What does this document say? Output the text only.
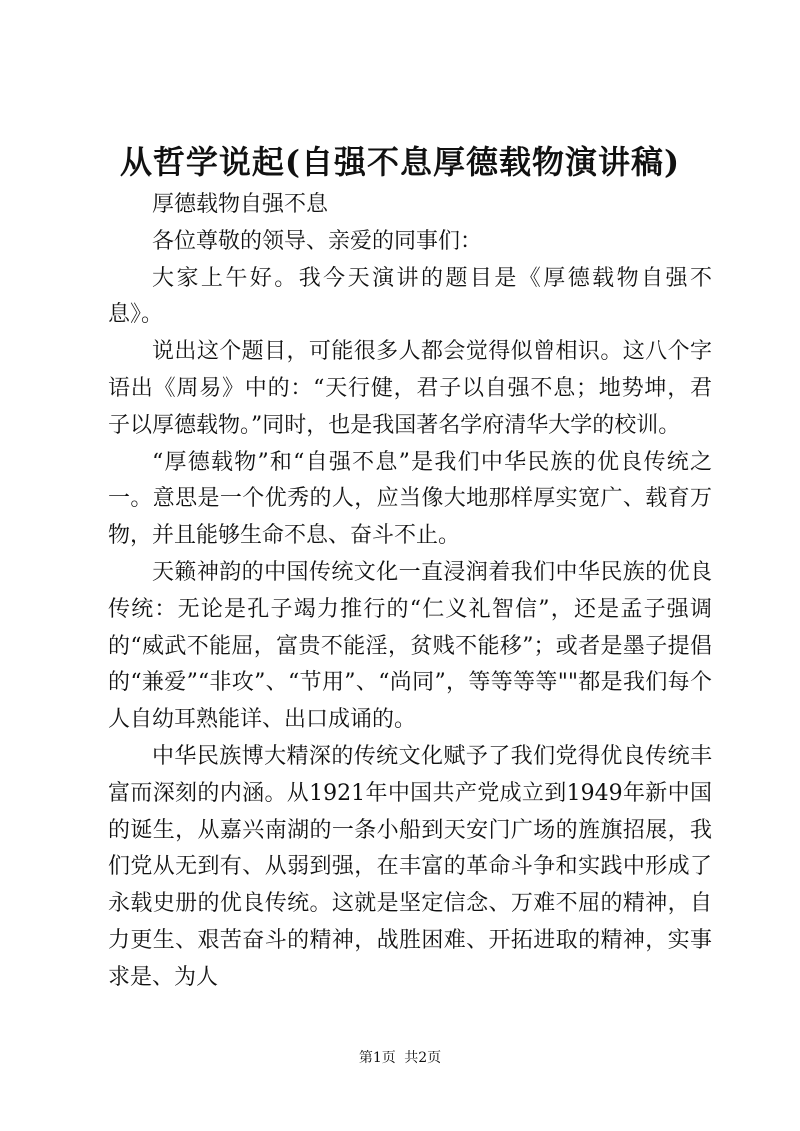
从哲学说起(自强不息厚德载物演讲稿)

厚德载物自强不息

各位尊敬的领导、亲爱的同事们：

大家上午好。我今天演讲的题目是《厚德载物自强不息》。

说出这个题目，可能很多人都会觉得似曾相识。这八个字语出《周易》中的：“天行健，君子以自强不息；地势坤，君子以厚德载物。”同时，也是我国著名学府清华大学的校训。

“厚德载物”和“自强不息”是我们中华民族的优良传统之一。意思是一个优秀的人，应当像大地那样厚实宽广、载育万物，并且能够生命不息、奋斗不止。

天籁神韵的中国传统文化一直浸润着我们中华民族的优良传统：无论是孔子竭力推行的“仁义礼智信”，还是孟子强调的“威武不能屈，富贵不能淫，贫贱不能移”；或者是墨子提倡的“兼爱”“非攻”、“节用”、“尚同”，等等等等""都是我们每个人自幼耳熟能详、出口成诵的。

中华民族博大精深的传统文化赋予了我们党得优良传统丰富而深刻的内涵。从1921年中国共产党成立到1949年新中国的诞生，从嘉兴南湖的一条小船到天安门广场的旌旗招展，我们党从无到有、从弱到强，在丰富的革命斗争和实践中形成了永载史册的优良传统。这就是坚定信念、万难不屈的精神，自力更生、艰苦奋斗的精神，战胜困难、开拓进取的精神，实事求是、为人

第1页 共2页
